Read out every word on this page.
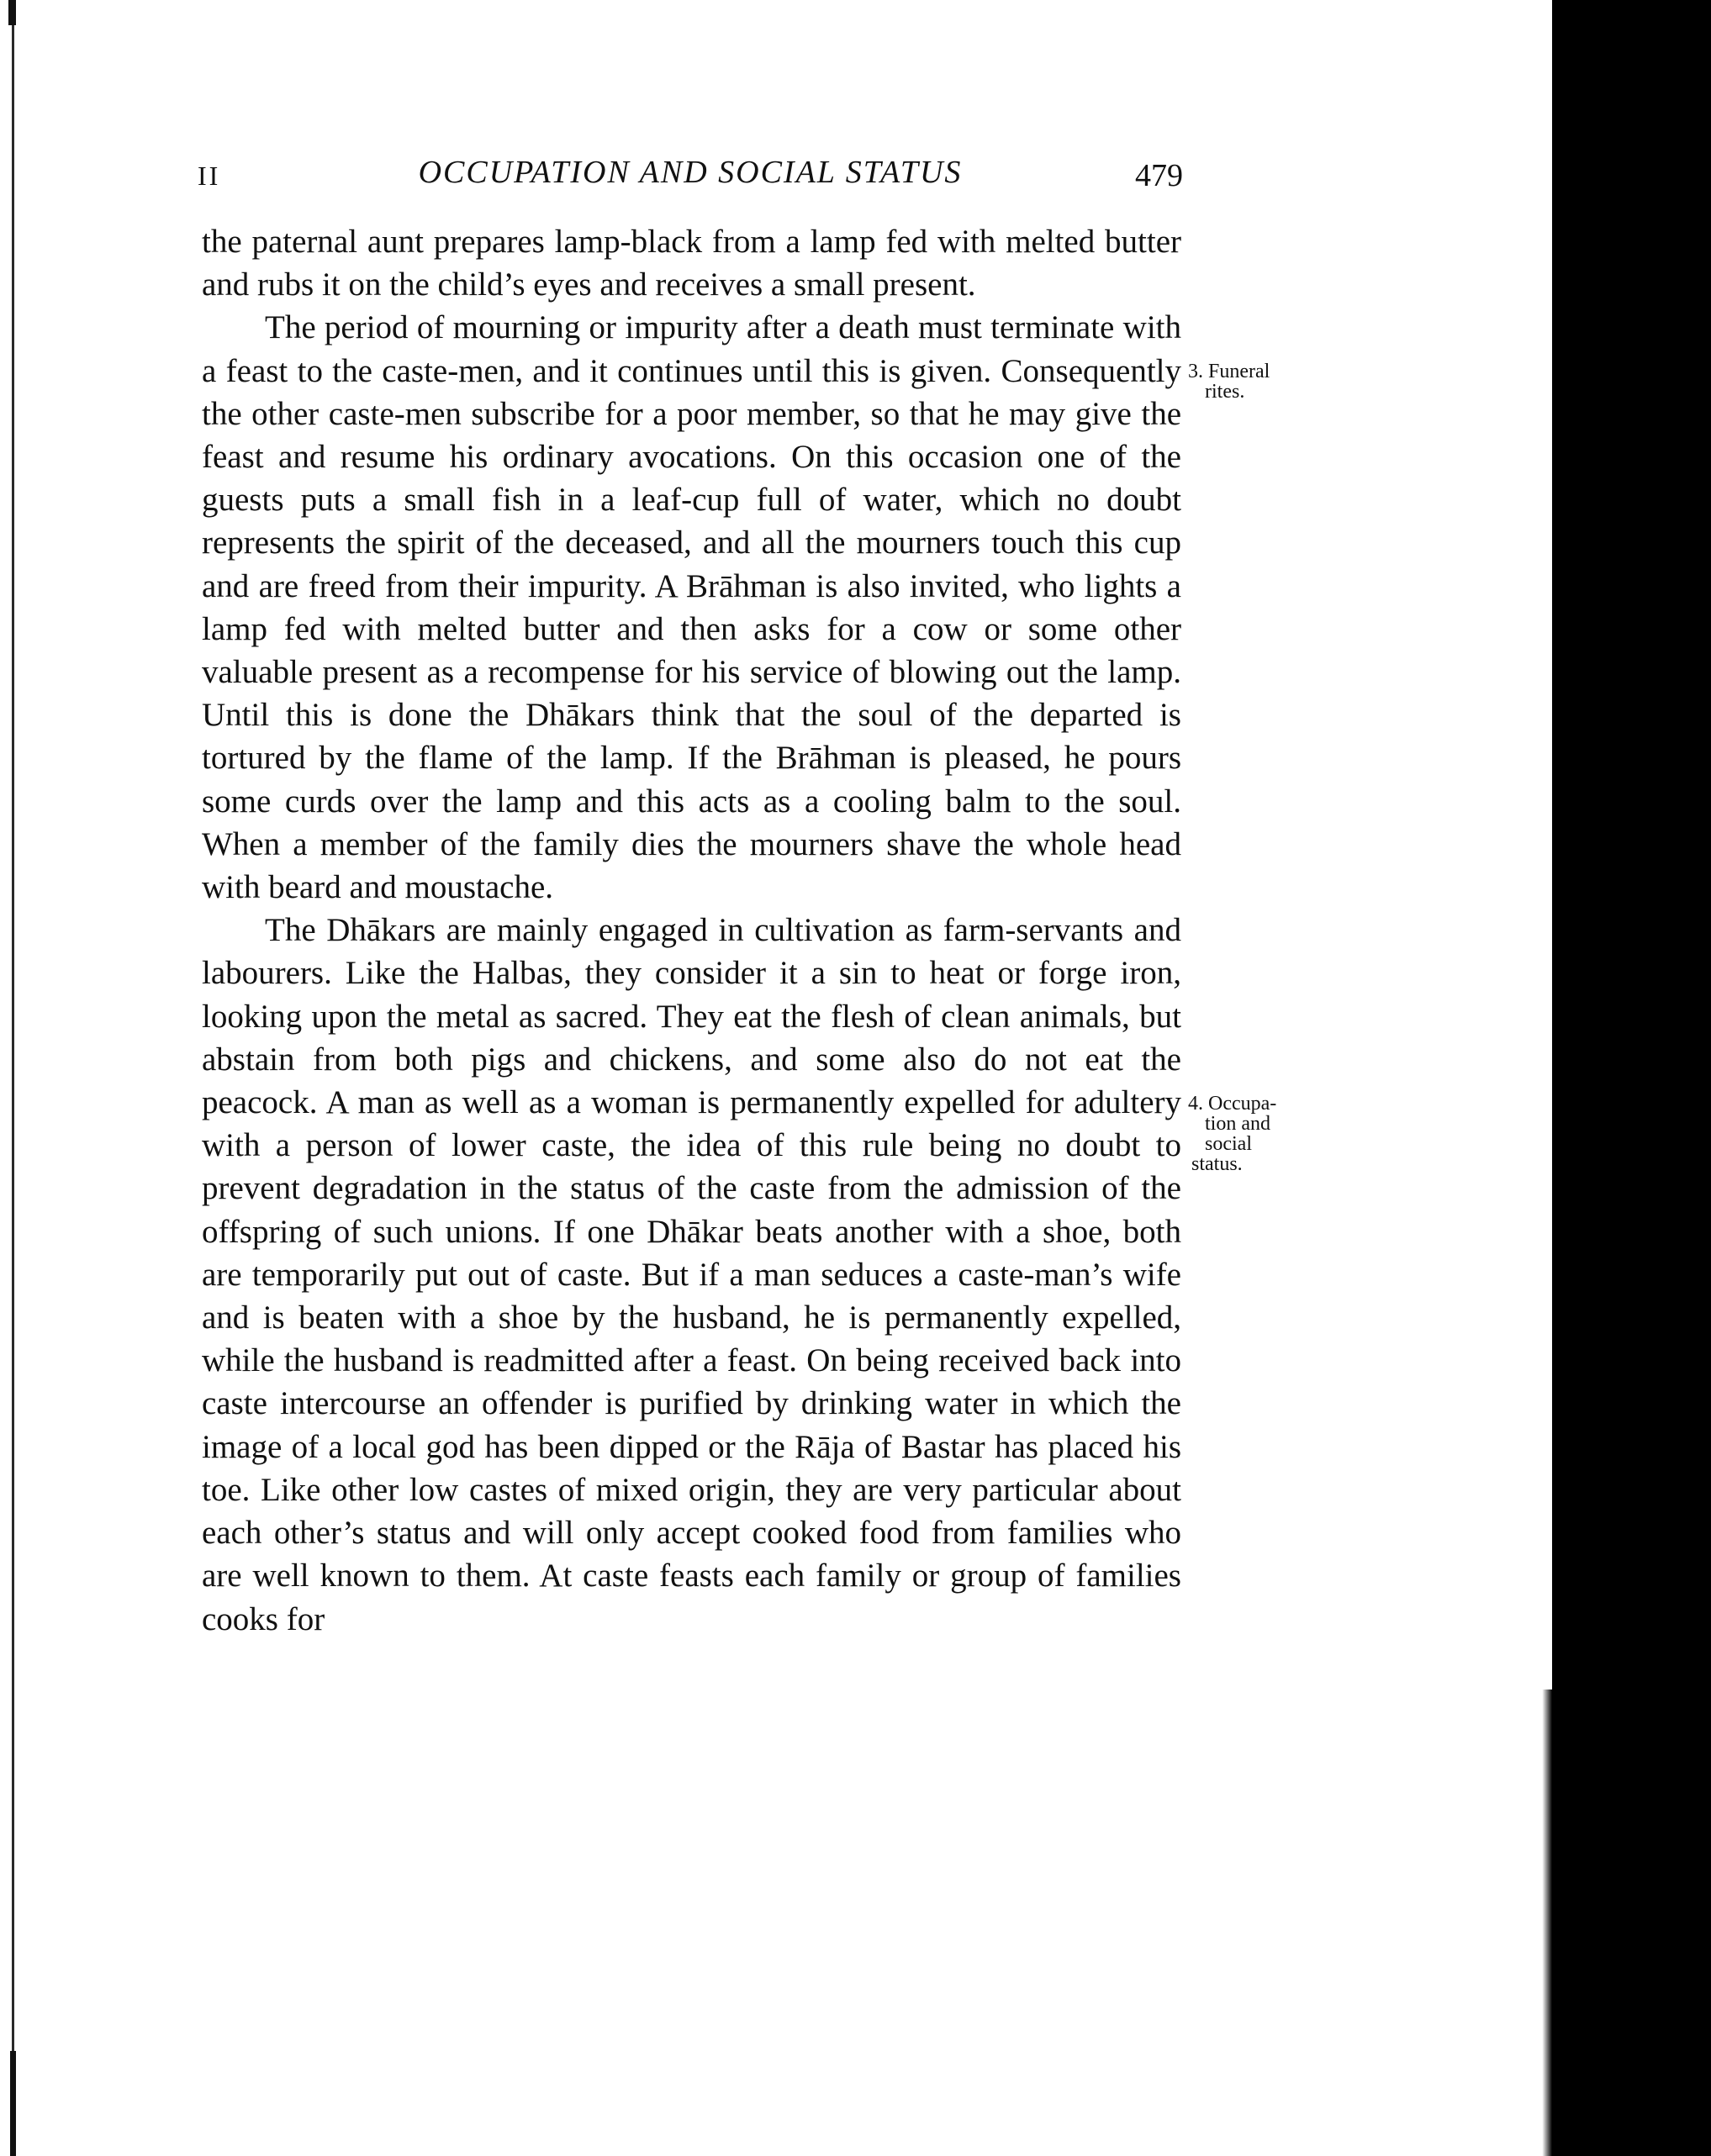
II	OCCUPATION AND SOCIAL STATUS	479

the paternal aunt prepares lamp-black from a lamp fed with melted butter and rubs it on the child’s eyes and receives a small present.

The period of mourning or impurity after a death must terminate with a feast to the caste-men, and it continues until this is given. Consequently the other caste-men subscribe for a poor member, so that he may give the feast and resume his ordinary avocations. On this occasion one of the guests puts a small fish in a leaf-cup full of water, which no doubt represents the spirit of the deceased, and all the mourners touch this cup and are freed from their impurity. A Brāhman is also invited, who lights a lamp fed with melted butter and then asks for a cow or some other valuable present as a recompense for his service of blowing out the lamp. Until this is done the Dhākars think that the soul of the departed is tortured by the flame of the lamp. If the Brāhman is pleased, he pours some curds over the lamp and this acts as a cooling balm to the soul. When a member of the family dies the mourners shave the whole head with beard and moustache.

The Dhākars are mainly engaged in cultivation as farm-servants and labourers. Like the Halbas, they consider it a sin to heat or forge iron, looking upon the metal as sacred. They eat the flesh of clean animals, but abstain from both pigs and chickens, and some also do not eat the peacock. A man as well as a woman is permanently expelled for adultery with a person of lower caste, the idea of this rule being no doubt to prevent degradation in the status of the caste from the admission of the offspring of such unions. If one Dhākar beats another with a shoe, both are temporarily put out of caste. But if a man seduces a caste-man’s wife and is beaten with a shoe by the husband, he is permanently expelled, while the husband is readmitted after a feast. On being received back into caste intercourse an offender is purified by drinking water in which the image of a local god has been dipped or the Rāja of Bastar has placed his toe. Like other low castes of mixed origin, they are very particular about each other’s status and will only accept cooked food from families who are well known to them. At caste feasts each family or group of families cooks for

3. Funeral
rites.
4. Occupa-
tion and
social
status.
